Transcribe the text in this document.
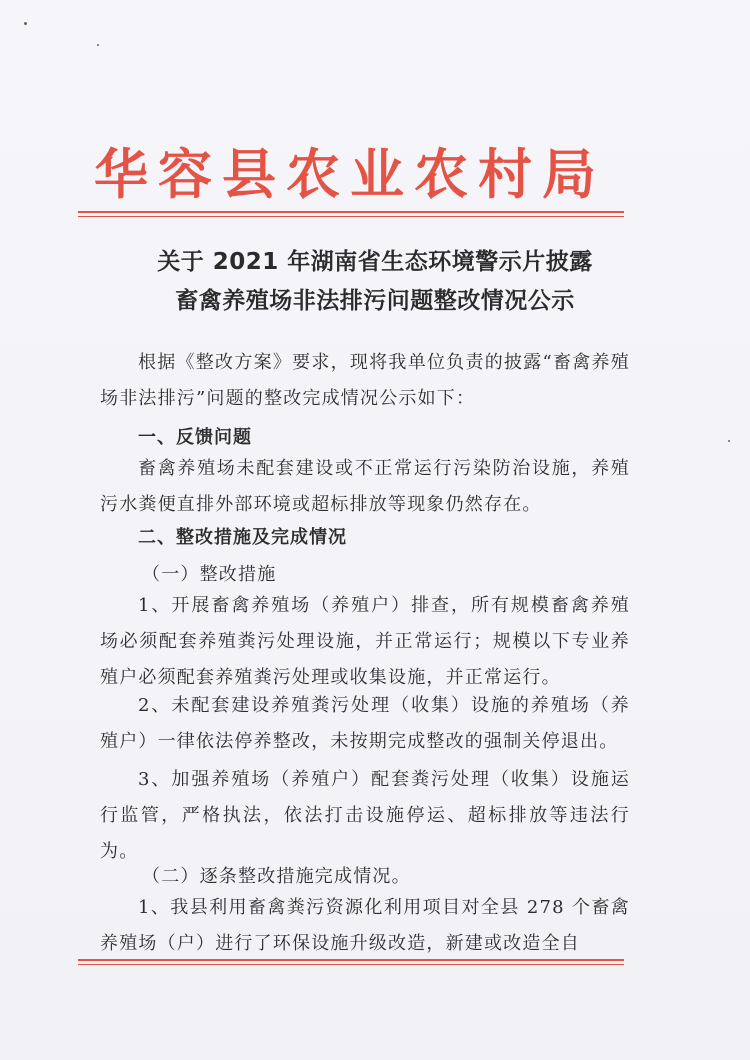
华容县农业农村局
关于 2021 年湖南省生态环境警示片披露
畜禽养殖场非法排污问题整改情况公示
根据《整改方案》要求，现将我单位负责的披露“畜禽养殖场非法排污”问题的整改完成情况公示如下：
一、反馈问题
畜禽养殖场未配套建设或不正常运行污染防治设施，养殖污水粪便直排外部环境或超标排放等现象仍然存在。
二、整改措施及完成情况
（一）整改措施
1、开展畜禽养殖场（养殖户）排查，所有规模畜禽养殖场必须配套养殖粪污处理设施，并正常运行；规模以下专业养殖户必须配套养殖粪污处理或收集设施，并正常运行。
2、未配套建设养殖粪污处理（收集）设施的养殖场（养殖户）一律依法停养整改，未按期完成整改的强制关停退出。
3、加强养殖场（养殖户）配套粪污处理（收集）设施运行监管，严格执法，依法打击设施停运、超标排放等违法行为。
（二）逐条整改措施完成情况。
1、我县利用畜禽粪污资源化利用项目对全县 278 个畜禽养殖场（户）进行了环保设施升级改造，新建或改造全自
